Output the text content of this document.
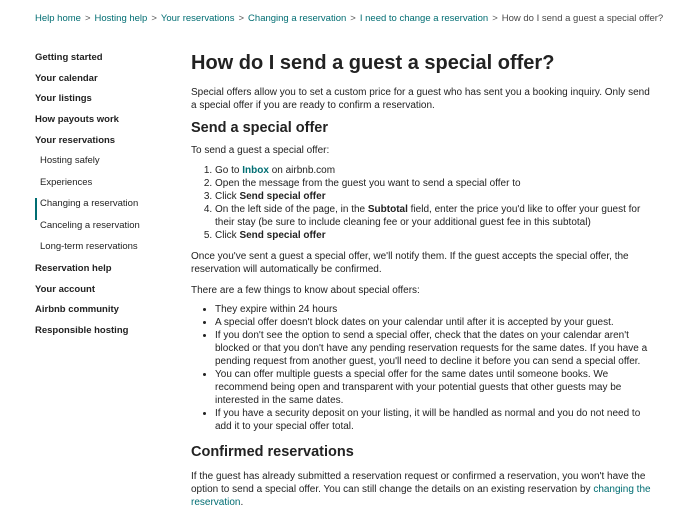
Help home > Hosting help > Your reservations > Changing a reservation > I need to change a reservation > How do I send a guest a special offer?
Getting started
Your calendar
Your listings
How payouts work
Your reservations
Hosting safely
Experiences
Changing a reservation
Canceling a reservation
Long-term reservations
Reservation help
Your account
Airbnb community
Responsible hosting
How do I send a guest a special offer?

Special offers allow you to set a custom price for a guest who has sent you a booking inquiry. Only send a special offer if you are ready to confirm a reservation.

Send a special offer

To send a guest a special offer:

1. Go to Inbox on airbnb.com
2. Open the message from the guest you want to send a special offer to
3. Click Send special offer
4. On the left side of the page, in the Subtotal field, enter the price you'd like to offer your guest for their stay (be sure to include cleaning fee or your additional guest fee in this subtotal)
5. Click Send special offer

Once you've sent a guest a special offer, we'll notify them. If the guest accepts the special offer, the reservation will automatically be confirmed.

There are a few things to know about special offers:

• They expire within 24 hours
• A special offer doesn't block dates on your calendar until after it is accepted by your guest.
• If you don't see the option to send a special offer, check that the dates on your calendar aren't blocked or that you don't have any pending reservation requests for the same dates. If you have a pending request from another guest, you'll need to decline it before you can send a special offer.
• You can offer multiple guests a special offer for the same dates until someone books. We recommend being open and transparent with your potential guests that other guests may be interested in the same dates.
• If you have a security deposit on your listing, it will be handled as normal and you do not need to add it to your special offer total.
Confirmed reservations

If the guest has already submitted a reservation request or confirmed a reservation, you won't have the option to send a special offer. You can still change the details on an existing reservation by changing the reservation.
